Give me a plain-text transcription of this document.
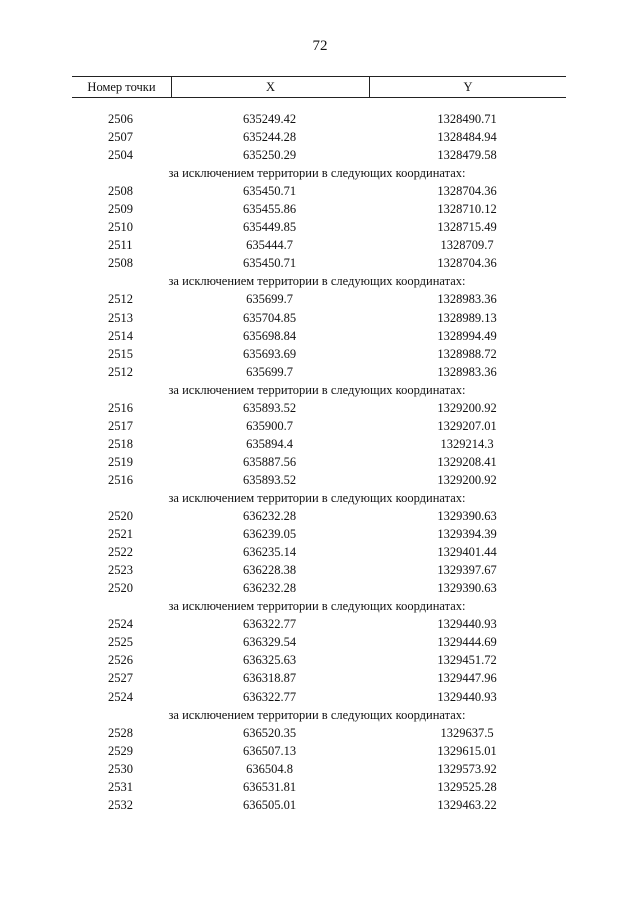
72
Номер точки	X	Y
2506	635249.42	1328490.71
2507	635244.28	1328484.94
2504	635250.29	1328479.58
за исключением территории в следующих координатах:
2508	635450.71	1328704.36
2509	635455.86	1328710.12
2510	635449.85	1328715.49
2511	635444.7	1328709.7
2508	635450.71	1328704.36
за исключением территории в следующих координатах:
2512	635699.7	1328983.36
2513	635704.85	1328989.13
2514	635698.84	1328994.49
2515	635693.69	1328988.72
2512	635699.7	1328983.36
за исключением территории в следующих координатах:
2516	635893.52	1329200.92
2517	635900.7	1329207.01
2518	635894.4	1329214.3
2519	635887.56	1329208.41
2516	635893.52	1329200.92
за исключением территории в следующих координатах:
2520	636232.28	1329390.63
2521	636239.05	1329394.39
2522	636235.14	1329401.44
2523	636228.38	1329397.67
2520	636232.28	1329390.63
за исключением территории в следующих координатах:
2524	636322.77	1329440.93
2525	636329.54	1329444.69
2526	636325.63	1329451.72
2527	636318.87	1329447.96
2524	636322.77	1329440.93
за исключением территории в следующих координатах:
2528	636520.35	1329637.5
2529	636507.13	1329615.01
2530	636504.8	1329573.92
2531	636531.81	1329525.28
2532	636505.01	1329463.22
